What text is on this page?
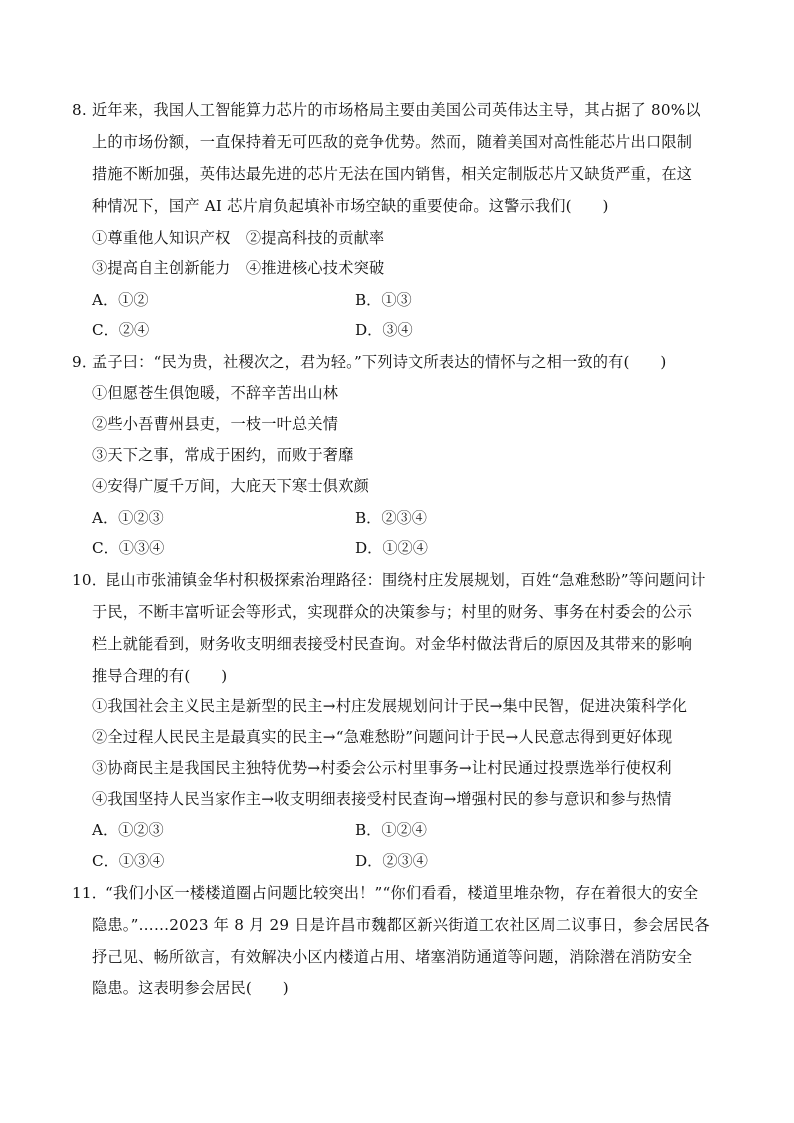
8. 近年来，我国人工智能算力芯片的市场格局主要由美国公司英伟达主导，其占据了 80%以
上的市场份额，一直保持着无可匹敌的竞争优势。然而，随着美国对高性能芯片出口限制
措施不断加强，英伟达最先进的芯片无法在国内销售，相关定制版芯片又缺货严重，在这
种情况下，国产 AI 芯片肩负起填补市场空缺的重要使命。这警示我们(　　)
①尊重他人知识产权　②提高科技的贡献率
③提高自主创新能力　④推进核心技术突破
A．①②	B．①③
C．②④	D．③④
9．
孟子曰：“民为贵，社稷次之，君为轻。”下列诗文所表达的情怀与之相一致的有(　　)
①但愿苍生俱饱暖，不辞辛苦出山林
②些小吾曹州县吏，一枝一叶总关情
③天下之事，常成于困约，而败于奢靡
④安得广厦千万间，大庇天下寒士俱欢颜
A．①②③	B．②③④
C．①③④	D．①②④
10．
昆山市张浦镇金华村积极探索治理路径：围绕村庄发展规划，百姓“急难愁盼”等问题问计
于民，不断丰富听证会等形式，实现群众的决策参与；村里的财务、事务在村委会的公示
栏上就能看到，财务收支明细表接受村民查询。对金华村做法背后的原因及其带来的影响
推导合理的有(　　)
①我国社会主义民主是新型的民主→村庄发展规划问计于民→集中民智，促进决策科学化
②全过程人民民主是最真实的民主→“急难愁盼”问题问计于民→人民意志得到更好体现
③协商民主是我国民主独特优势→村委会公示村里事务→让村民通过投票选举行使权利
④我国坚持人民当家作主→收支明细表接受村民查询→增强村民的参与意识和参与热情
A．①②③	B．①②④
C．①③④	D．②③④
11．
“我们小区一楼楼道圈占问题比较突出！”“你们看看，楼道里堆杂物，存在着很大的安全
隐患。”……2023 年 8 月 29 日是许昌市魏都区新兴街道工农社区周二议事日，参会居民各
抒己见、畅所欲言，有效解决小区内楼道占用、堵塞消防通道等问题，消除潜在消防安全
隐患。这表明参会居民(　　)
